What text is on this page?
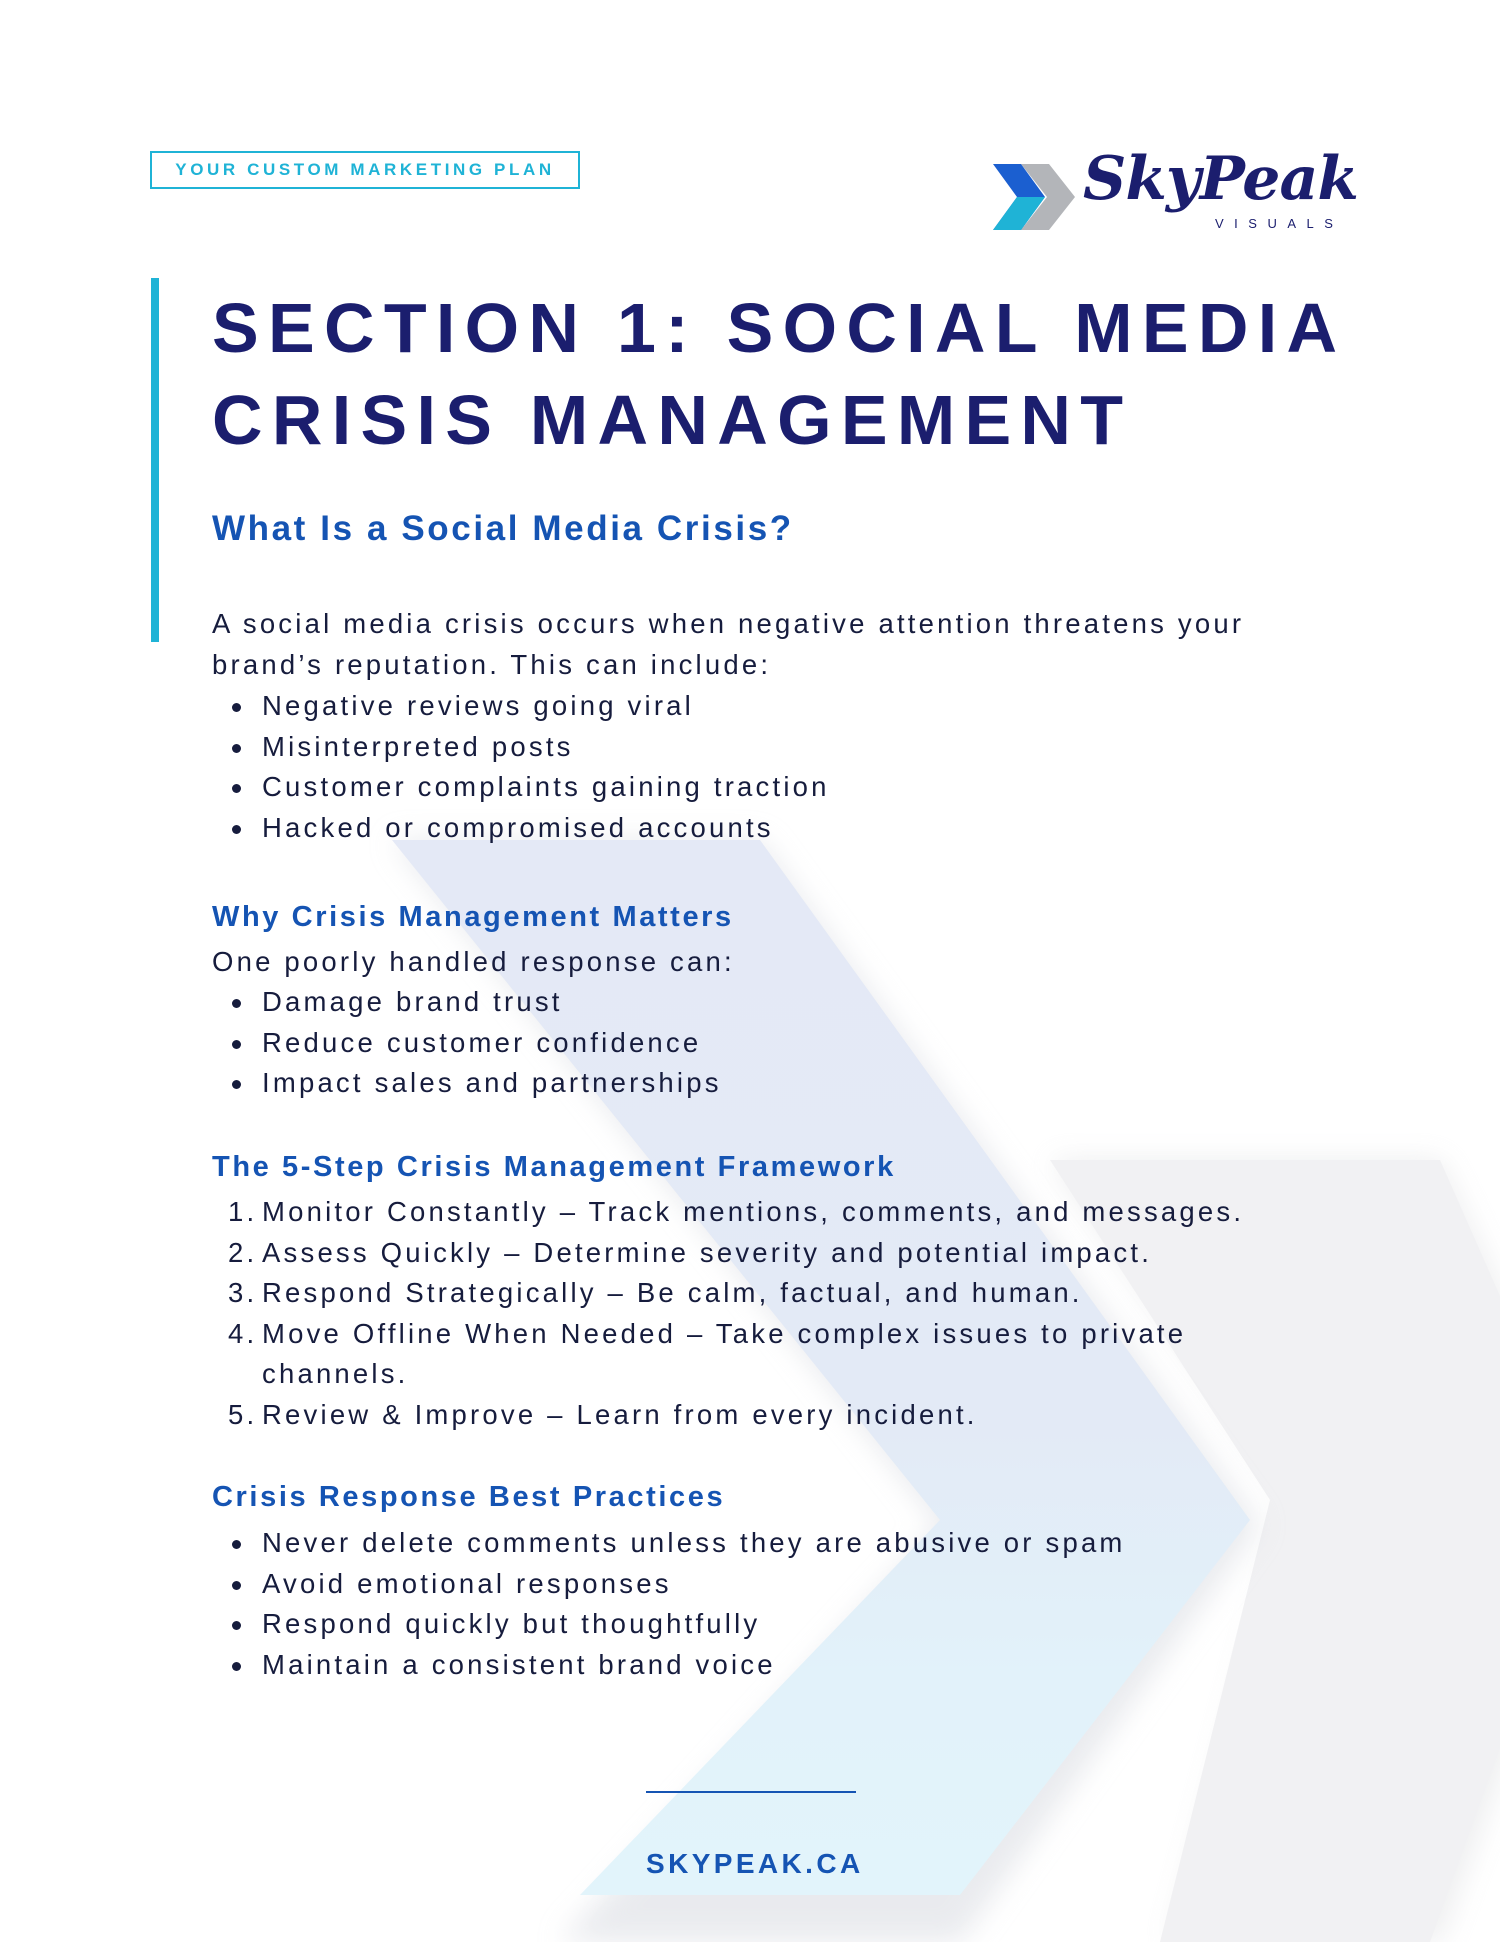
YOUR CUSTOM MARKETING PLAN	SkyPeak
VISUALS
SECTION 1: SOCIAL MEDIA
CRISIS MANAGEMENT
What Is a Social Media Crisis?

A social media crisis occurs when negative attention threatens your brand’s reputation. This can include:

Negative reviews going viral
Misinterpreted posts
Customer complaints gaining traction
Hacked or compromised accounts
Why Crisis Management Matters

One poorly handled response can:

Damage brand trust
Reduce customer confidence
Impact sales and partnerships
The 5-Step Crisis Management Framework
1. Monitor Constantly – Track mentions, comments, and messages.
2. Assess Quickly – Determine severity and potential impact.
3. Respond Strategically – Be calm, factual, and human.
4. Move Offline When Needed – Take complex issues to private channels.
5. Review & Improve – Learn from every incident.
Crisis Response Best Practices
Never delete comments unless they are abusive or spam
Avoid emotional responses
Respond quickly but thoughtfully
Maintain a consistent brand voice
SKYPEAK.CA
